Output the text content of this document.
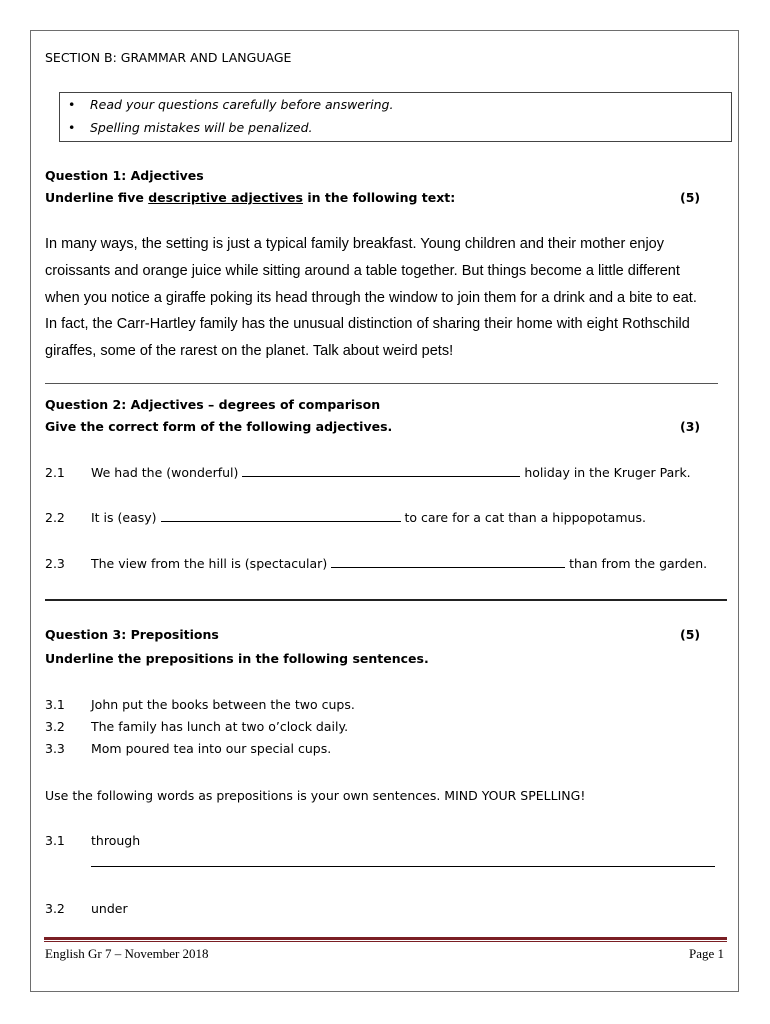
SECTION B: GRAMMAR AND LANGUAGE
• Read your questions carefully before answering.
• Spelling mistakes will be penalized.
Question 1: Adjectives
Underline five descriptive adjectives in the following text:	(5)
In many ways, the setting is just a typical family breakfast. Young children and their mother enjoy
croissants and orange juice while sitting around a table together. But things become a little different
when you notice a giraffe poking its head through the window to join them for a drink and a bite to eat.
In fact, the Carr-Hartley family has the unusual distinction of sharing their home with eight Rothschild
giraffes, some of the rarest on the planet. Talk about weird pets!
Question 2: Adjectives – degrees of comparison
Give the correct form of the following adjectives.	(3)
2.1 We had the (wonderful)	holiday in the Kruger Park.
2.2 It is (easy)	to care for a cat than a hippopotamus.
2.3 The view from the hill is (spectacular)	than from the garden.
Question 3: Prepositions	(5)
Underline the prepositions in the following sentences.
3.1 John put the books between the two cups.
3.2 The family has lunch at two o’clock daily.
3.3 Mom poured tea into our special cups.
Use the following words as prepositions is your own sentences. MIND YOUR SPELLING!
3.1 through
3.2 under
English Gr 7 – November 2018	Page 1
